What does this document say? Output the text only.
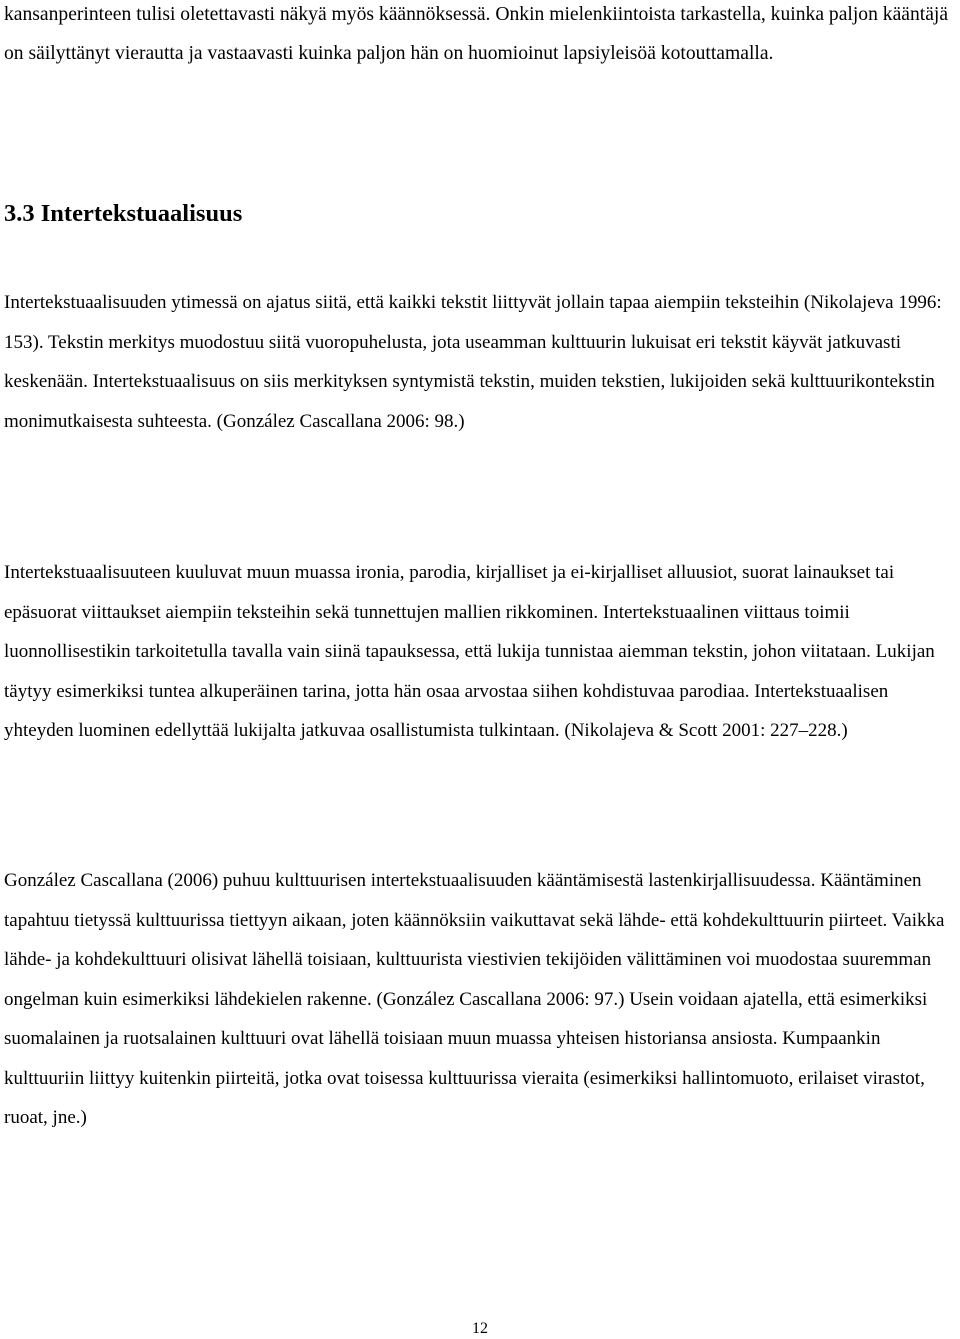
kansanperinteen tulisi oletettavasti näkyä myös käännöksessä. Onkin mielenkiintoista tarkastella, kuinka paljon kääntäjä on säilyttänyt vierautta ja vastaavasti kuinka paljon hän on huomioinut lapsiyleisöä kotouttamalla.

3.3 Intertekstuaalisuus

Intertekstuaalisuuden ytimessä on ajatus siitä, että kaikki tekstit liittyvät jollain tapaa aiempiin teksteihin (Nikolajeva 1996: 153). Tekstin merkitys muodostuu siitä vuoropuhelusta, jota useamman kulttuurin lukuisat eri tekstit käyvät jatkuvasti keskenään. Intertekstuaalisuus on siis merkityksen syntymistä tekstin, muiden tekstien, lukijoiden sekä kulttuurikontekstin monimutkaisesta suhteesta. (González Cascallana 2006: 98.)

Intertekstuaalisuuteen kuuluvat muun muassa ironia, parodia, kirjalliset ja ei-kirjalliset alluusiot, suorat lainaukset tai epäsuorat viittaukset aiempiin teksteihin sekä tunnettujen mallien rikkominen. Intertekstuaalinen viittaus toimii luonnollisestikin tarkoitetulla tavalla vain siinä tapauksessa, että lukija tunnistaa aiemman tekstin, johon viitataan. Lukijan täytyy esimerkiksi tuntea alkuperäinen tarina, jotta hän osaa arvostaa siihen kohdistuvaa parodiaa. Intertekstuaalisen yhteyden luominen edellyttää lukijalta jatkuvaa osallistumista tulkintaan. (Nikolajeva & Scott 2001: 227–228.)

González Cascallana (2006) puhuu kulttuurisen intertekstuaalisuuden kääntämisestä lastenkirjallisuudessa. Kääntäminen tapahtuu tietyssä kulttuurissa tiettyyn aikaan, joten käännöksiin vaikuttavat sekä lähde- että kohdekulttuurin piirteet. Vaikka lähde- ja kohdekulttuuri olisivat lähellä toisiaan, kulttuurista viestivien tekijöiden välittäminen voi muodostaa suuremman ongelman kuin esimerkiksi lähdekielen rakenne. (González Cascallana 2006: 97.) Usein voidaan ajatella, että esimerkiksi suomalainen ja ruotsalainen kulttuuri ovat lähellä toisiaan muun muassa yhteisen historiansa ansiosta. Kumpaankin kulttuuriin liittyy kuitenkin piirteitä, jotka ovat toisessa kulttuurissa vieraita (esimerkiksi hallintomuoto, erilaiset virastot, ruoat, jne.)

12
